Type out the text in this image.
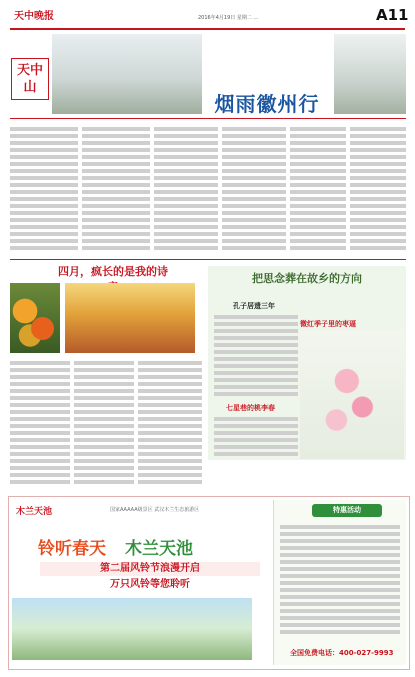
天中晚报	2016年4月19日 星期二 …	A11
天中山
烟雨徽州行
四月，疯长的是我的诗
把思念葬在故乡的方向
孔子居遗三年
微红季子里的枣逼
七星巷的桃李春
木兰天池	国家AAAAA级景区 武汉木兰生态旅游区
铃听春天 木兰天池
第二届风铃节浪漫开启
万只风铃等您聆听
特惠活动
全国免费电话：400-027-9993
